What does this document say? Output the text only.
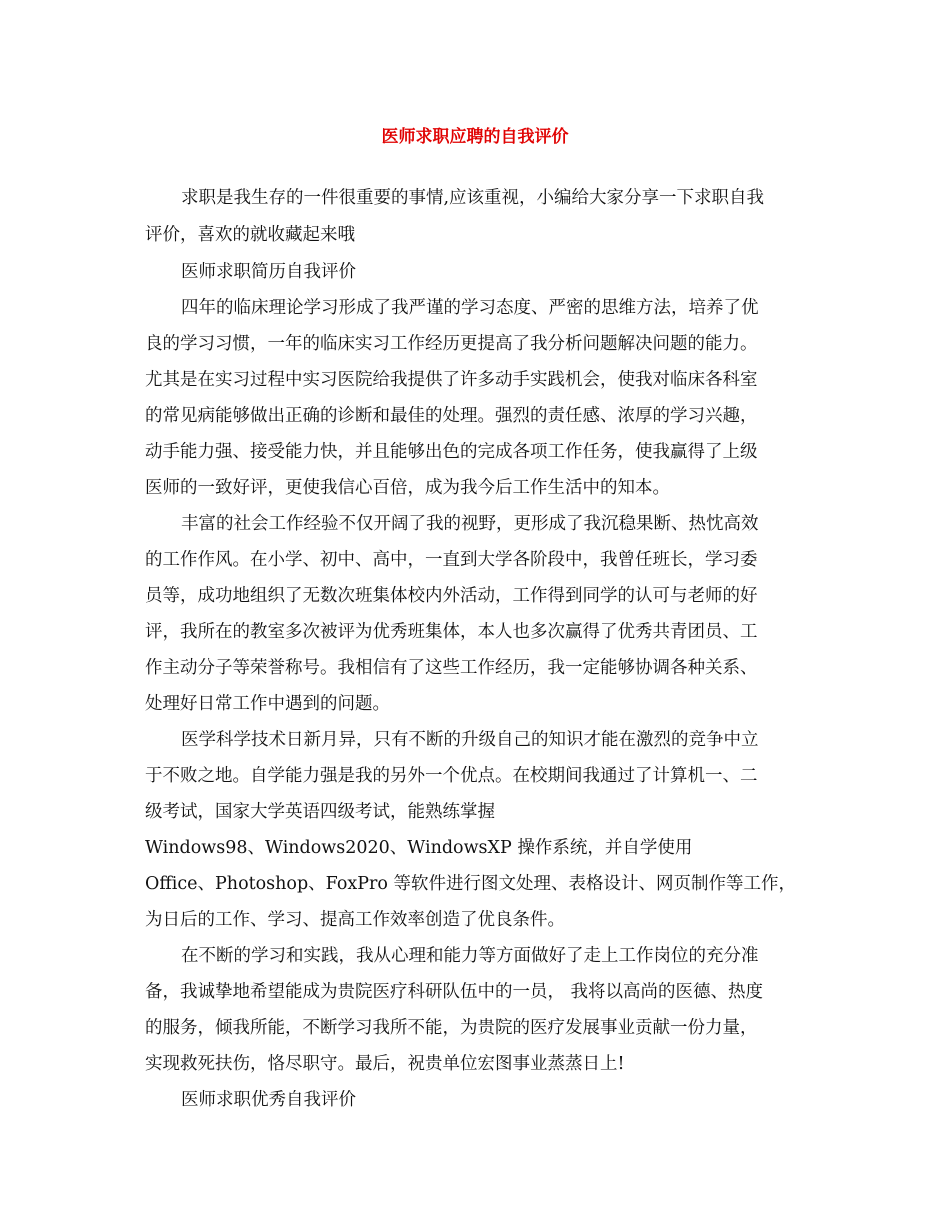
医师求职应聘的自我评价
求职是我生存的一件很重要的事情,应该重视，小编给大家分享一下求职自我
评价，喜欢的就收藏起来哦
医师求职简历自我评价
四年的临床理论学习形成了我严谨的学习态度、严密的思维方法，培养了优
良的学习习惯，一年的临床实习工作经历更提高了我分析问题解决问题的能力。
尤其是在实习过程中实习医院给我提供了许多动手实践机会，使我对临床各科室
的常见病能够做出正确的诊断和最佳的处理。强烈的责任感、浓厚的学习兴趣，
动手能力强、接受能力快，并且能够出色的完成各项工作任务，使我赢得了上级
医师的一致好评，更使我信心百倍，成为我今后工作生活中的知本。
丰富的社会工作经验不仅开阔了我的视野，更形成了我沉稳果断、热忱高效
的工作作风。在小学、初中、高中，一直到大学各阶段中，我曾任班长，学习委
员等，成功地组织了无数次班集体校内外活动，工作得到同学的认可与老师的好
评，我所在的教室多次被评为优秀班集体，本人也多次赢得了优秀共青团员、工
作主动分子等荣誉称号。我相信有了这些工作经历，我一定能够协调各种关系、
处理好日常工作中遇到的问题。
医学科学技术日新月异，只有不断的升级自己的知识才能在激烈的竞争中立
于不败之地。自学能力强是我的另外一个优点。在校期间我通过了计算机一、二
级考试，国家大学英语四级考试，能熟练掌握
Windows98、Windows2020、WindowsXP 操作系统，并自学使用
Office、Photoshop、FoxPro 等软件进行图文处理、表格设计、网页制作等工作，
为日后的工作、学习、提高工作效率创造了优良条件。
在不断的学习和实践，我从心理和能力等方面做好了走上工作岗位的充分准
备，我诚挚地希望能成为贵院医疗科研队伍中的一员， 我将以高尚的医德、热度
的服务，倾我所能，不断学习我所不能，为贵院的医疗发展事业贡献一份力量，
实现救死扶伤，恪尽职守。最后，祝贵单位宏图事业蒸蒸日上!
医师求职优秀自我评价
